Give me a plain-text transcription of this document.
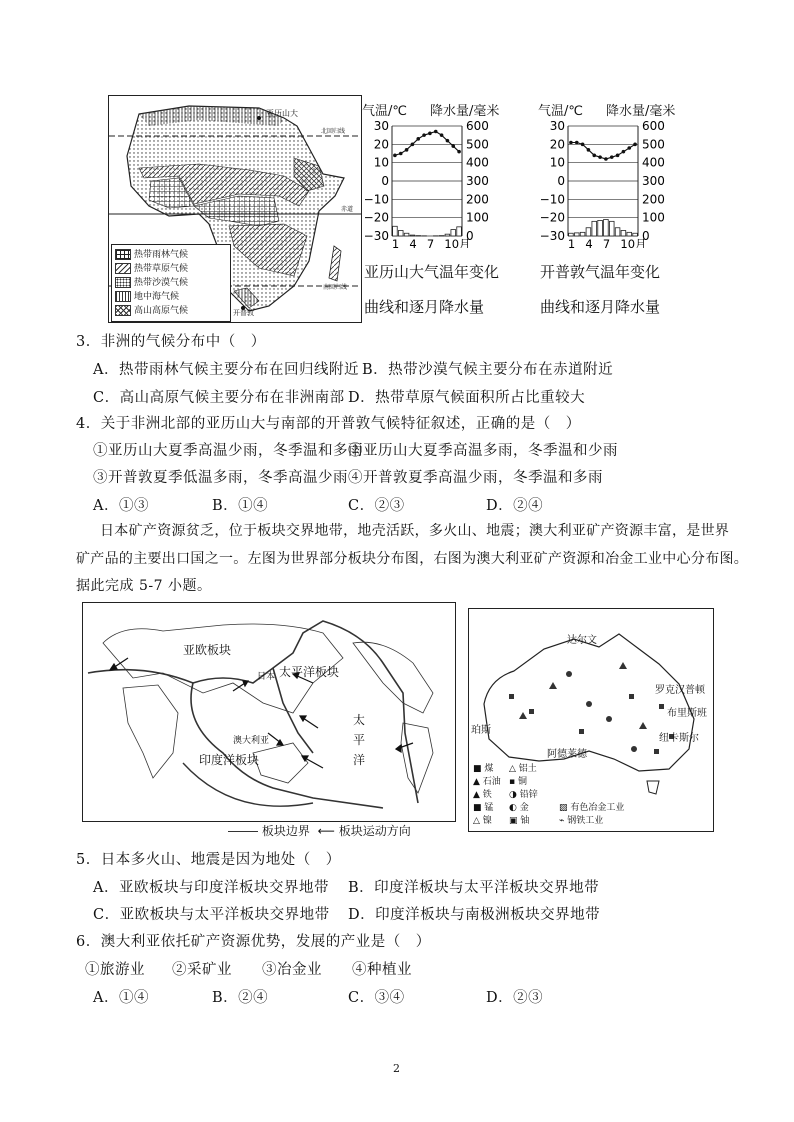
亚历山大
北回归线
赤道
南回归线
开普敦
热带雨林气候
热带草原气候
热带沙漠气候
地中海气候
高山高原气候
气温/℃ 降水量/毫米
30	600
20	500
10	400
0	300
−10	200
−20	100
−30	0
1 4 7 10月
亚历山大气温年变化
曲线和逐月降水量
气温/℃ 降水量/毫米
30	600
20	500
10	400
0	300
−10	200
−20	100
−30	0
1 4 7 10月
开普敦气温年变化
曲线和逐月降水量
3．非洲的气候分布中（　）
A．热带雨林气候主要分布在回归线附近 B．热带沙漠气候主要分布在赤道附近
C．高山高原气候主要分布在非洲南部 D．热带草原气候面积所占比重较大
4．关于非洲北部的亚历山大与南部的开普敦气候特征叙述，正确的是（　）
①亚历山大夏季高温少雨，冬季温和多雨
②亚历山大夏季高温多雨，冬季温和少雨
③开普敦夏季低温多雨，冬季高温少雨 ④开普敦夏季高温少雨，冬季温和多雨
A．①③	B．①④	C．②③	D．②④
日本矿产资源贫乏，位于板块交界地带，地壳活跃，多火山、地震；澳大利亚矿产资源丰富，是世界
矿产品的主要出口国之一。左图为世界部分板块分布图，右图为澳大利亚矿产资源和冶金工业中心分布图。
据此完成 5-7 小题。
亚欧板块
太平洋板块
日本
澳大利亚
印度洋板块
太
平
洋
板块边界 ⟵ 板块运动方向
达尔文
罗克汉普顿
布里斯班
珀斯
阿德莱德
纽卡斯尔
■ 煤 △ 铝土
▲ 石油 ▪ 铜
▲ 铁 ◑ 铅锌
■ 锰 ◐ 金
△ 镍 ▣ 铀
▨ 有色冶金工业
⌁ 钢铁工业
5．日本多火山、地震是因为地处（　）
A．亚欧板块与印度洋板块交界地带 B．印度洋板块与太平洋板块交界地带
C．亚欧板块与太平洋板块交界地带 D．印度洋板块与南极洲板块交界地带
6．澳大利亚依托矿产资源优势，发展的产业是（　）
①旅游业 ②采矿业 ③冶金业 ④种植业
A．①④	B．②④	C．③④	D．②③
2
